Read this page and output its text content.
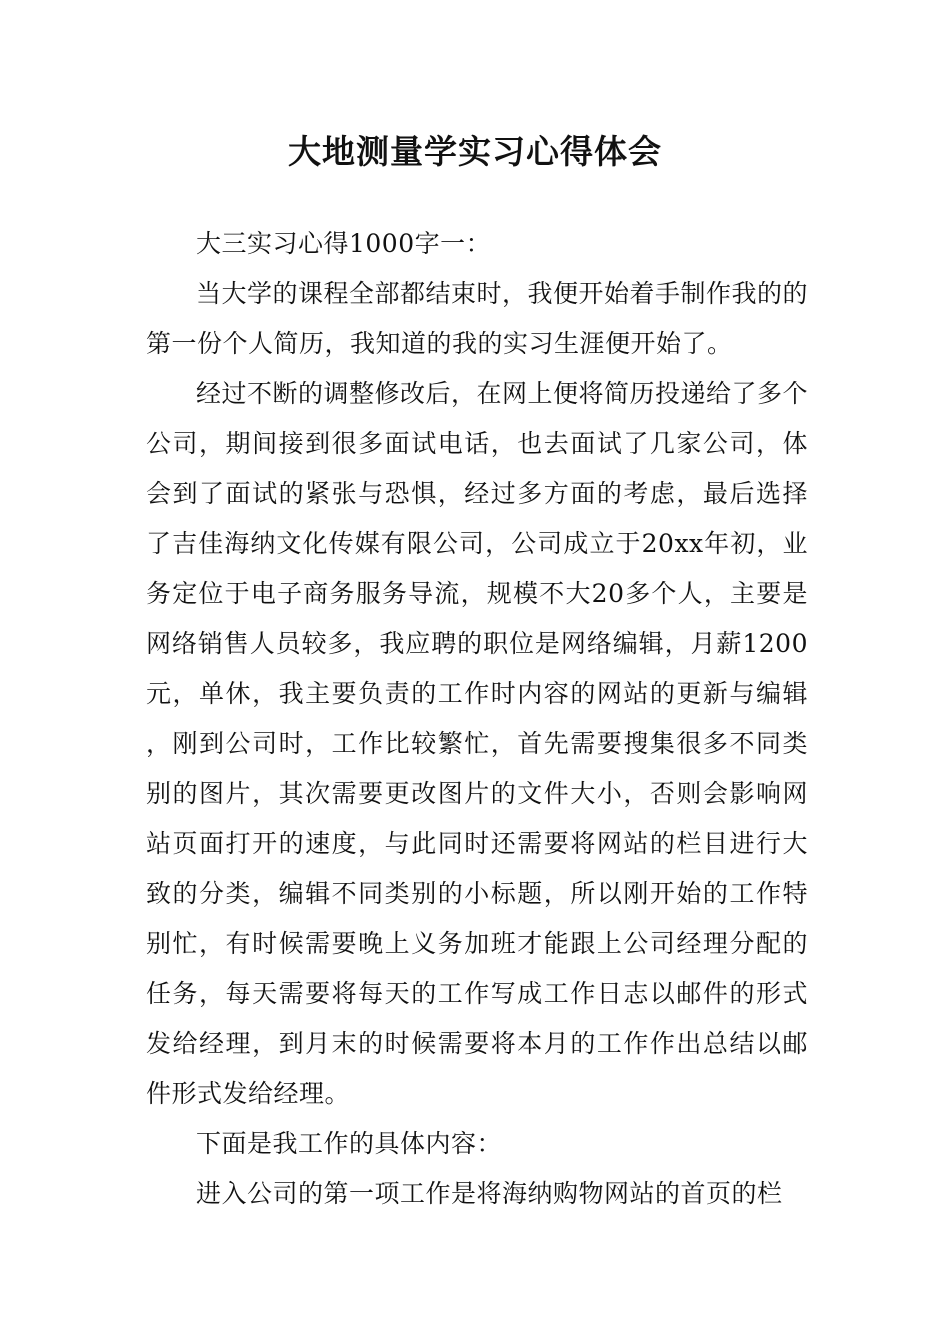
大地测量学实习心得体会

大三实习心得1000字一：

当大学的课程全部都结束时，我便开始着手制作我的的第一份个人简历，我知道的我的实习生涯便开始了。

经过不断的调整修改后，在网上便将简历投递给了多个公司，期间接到很多面试电话，也去面试了几家公司，体会到了面试的紧张与恐惧，经过多方面的考虑，最后选择了吉佳海纳文化传媒有限公司，公司成立于20xx年初，业务定位于电子商务服务导流，规模不大20多个人，主要是网络销售人员较多，我应聘的职位是网络编辑，月薪1200元，单休，我主要负责的工作时内容的网站的更新与编辑 ，刚到公司时，工作比较繁忙，首先需要搜集很多不同类别的图片，其次需要更改图片的文件大小，否则会影响网站页面打开的速度，与此同时还需要将网站的栏目进行大致的分类，编辑不同类别的小标题，所以刚开始的工作特别忙，有时候需要晚上义务加班才能跟上公司经理分配的任务，每天需要将每天的工作写成工作日志以邮件的形式发给经理，到月末的时候需要将本月的工作作出总结以邮件形式发给经理。

下面是我工作的具体内容：

进入公司的第一项工作是将海纳购物网站的首页的栏
